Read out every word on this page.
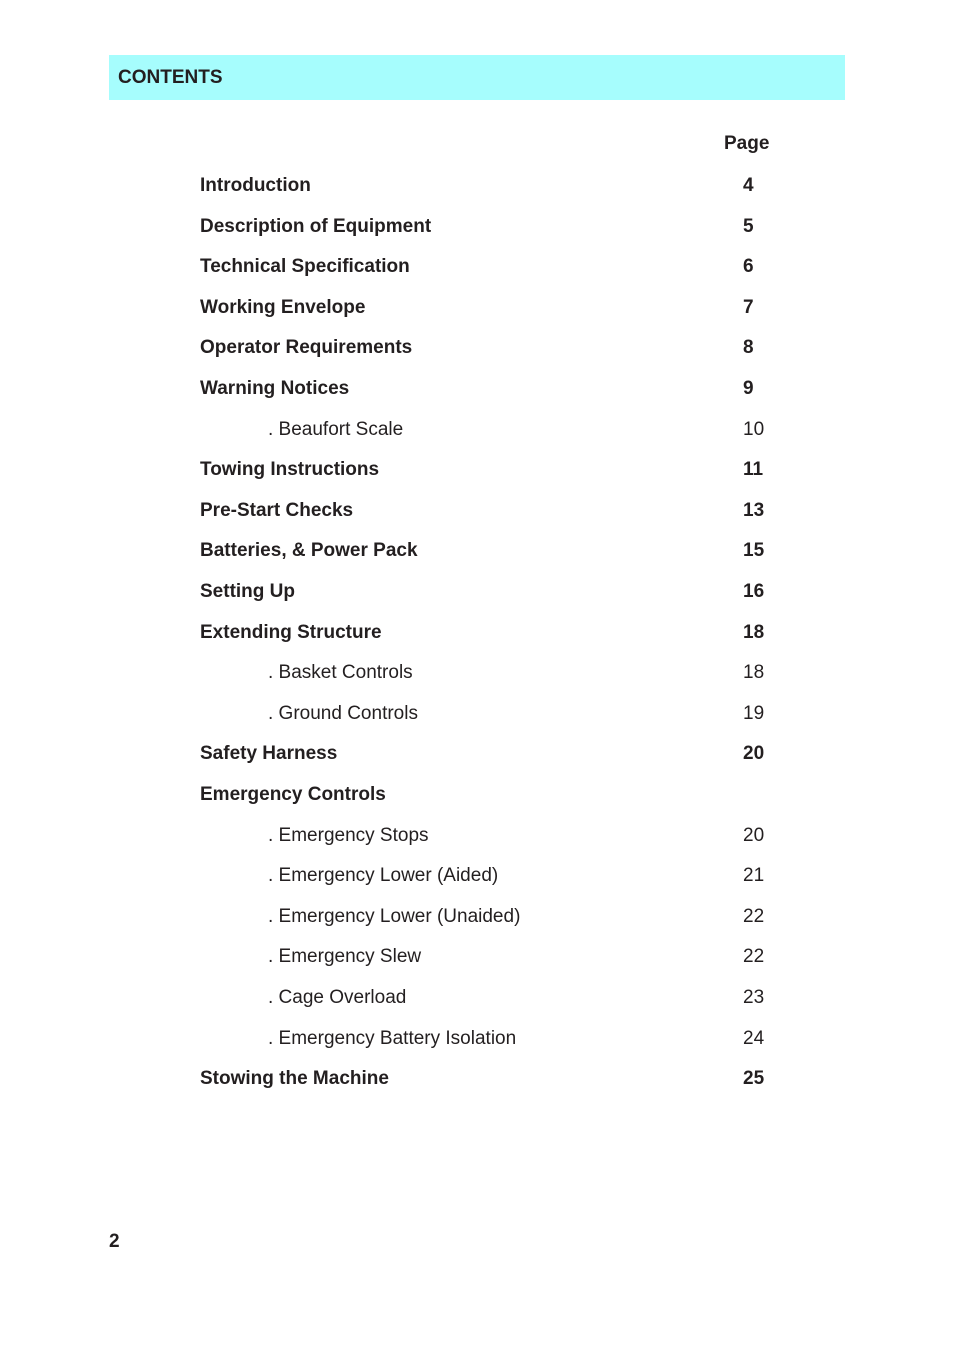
CONTENTS
Page
Introduction	4
Description of Equipment	5
Technical Specification	6
Working Envelope	7
Operator Requirements	8
Warning Notices	9
. Beaufort Scale	10
Towing Instructions	11
Pre-Start Checks	13
Batteries, & Power Pack	15
Setting Up	16
Extending Structure	18
. Basket Controls	18
. Ground Controls	19
Safety Harness	20
Emergency Controls
. Emergency Stops	20
. Emergency Lower (Aided)	21
. Emergency Lower (Unaided)	22
. Emergency Slew	22
. Cage Overload	23
. Emergency Battery Isolation	24
Stowing the Machine	25
2
